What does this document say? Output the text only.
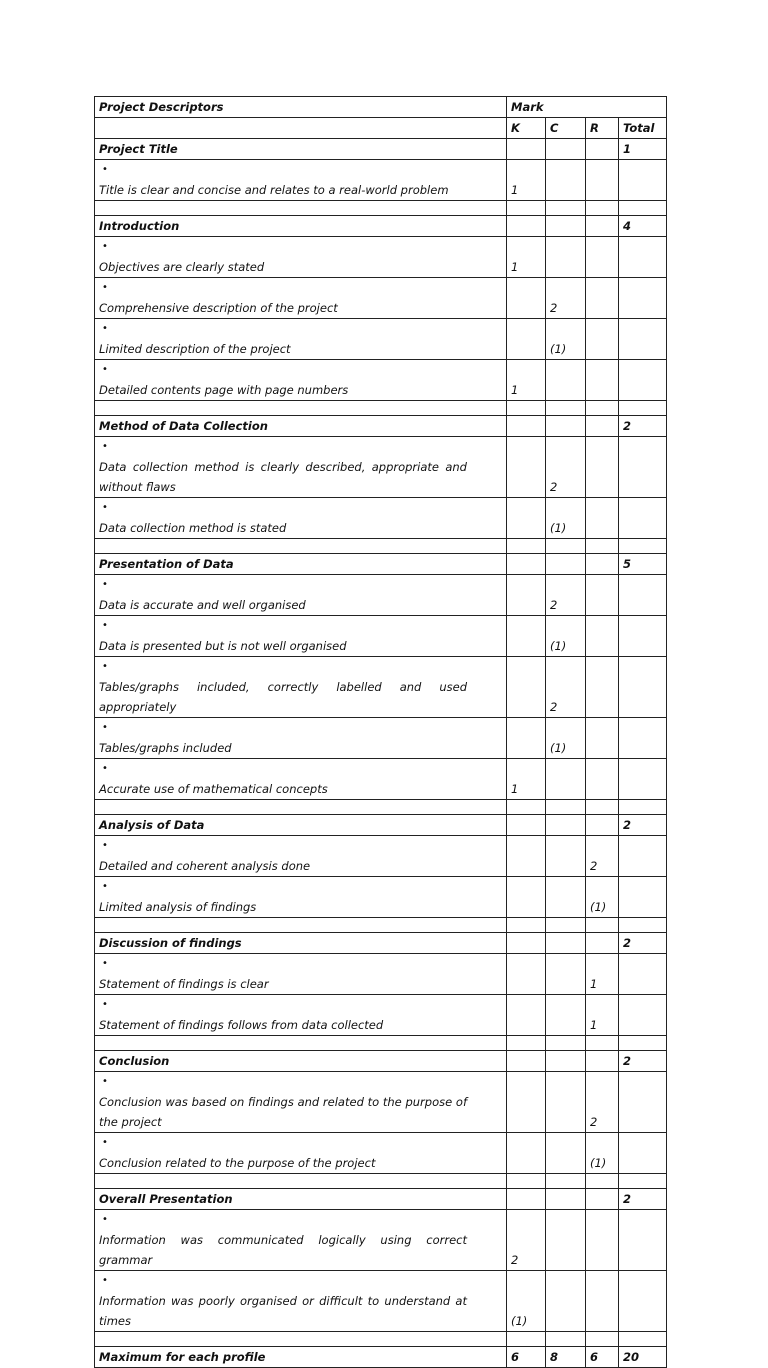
Project Descriptors	Mark			
	K	C	R	Total
Project Title				1
•Title is clear and concise and relates to a real-world problem	1			

Introduction				4
•Objectives are clearly stated	1			
•Comprehensive description of the project		2		
•Limited description of the project		(1)		
•Detailed contents page with page numbers	1			

Method of Data Collection				2
•Data collection method is clearly described, appropriate and without flaws		2		
•Data collection method is stated		(1)		

Presentation of Data				5
•Data is accurate and well organised		2		
•Data is presented but is not well organised		(1)		
•Tables/graphs included, correctly labelled and used appropriately		2		
•Tables/graphs included		(1)		
•Accurate use of mathematical concepts	1			

Analysis of Data				2
•Detailed and coherent analysis done			2	
•Limited analysis of findings			(1)	

Discussion of findings				2
•Statement of findings is clear			1	
•Statement of findings follows from data collected			1	

Conclusion				2
•Conclusion was based on findings and related to the purpose of the project			2	
•Conclusion related to the purpose of the project			(1)	

Overall Presentation				2
•Information was communicated logically using correct grammar	2			
•Information was poorly organised or difficult to understand at times	(1)			

Maximum for each profile	6	8	6	20
